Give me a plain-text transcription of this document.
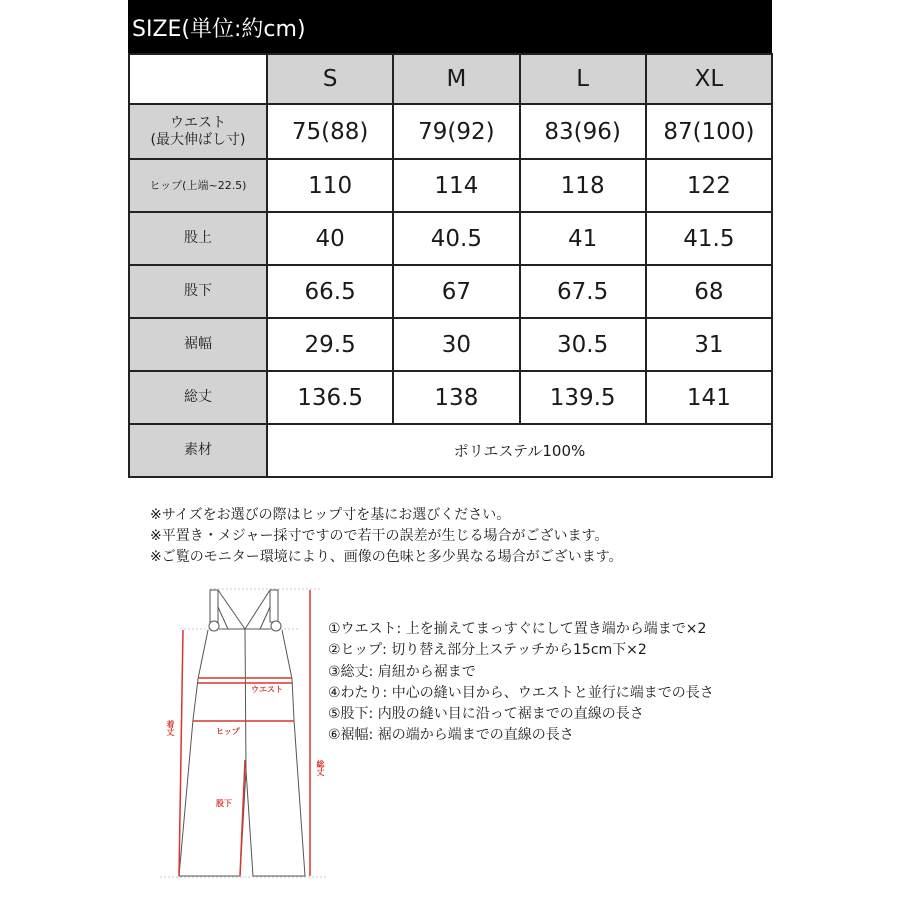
SIZE(単位:約cm)
	S	M	L	XL

ウエスト
(最大伸ばし寸)	75(88)	79(92)	83(96)	87(100)
ヒップ(上端~22.5)	110	114	118	122
股上	40	40.5	41	41.5
股下	66.5	67	67.5	68
裾幅	29.5	30	30.5	31
総丈	136.5	138	139.5	141
素材	ポリエステル100%			
※サイズをお選びの際はヒップ寸を基にお選びください。
※平置き・メジャー採寸ですので若干の誤差が生じる場合がございます。
※ご覧のモニター環境により、画像の色味と多少異なる場合がございます。
ウエスト
ヒップ
股下
着丈
総丈
①ウエスト: 上を揃えてまっすぐにして置き端から端まで×2
②ヒップ: 切り替え部分上ステッチから15cm下×2
③総丈: 肩紐から裾まで
④わたり: 中心の縫い目から、ウエストと並行に端までの長さ
⑤股下: 内股の縫い目に沿って裾までの直線の長さ
⑥裾幅: 裾の端から端までの直線の長さ
